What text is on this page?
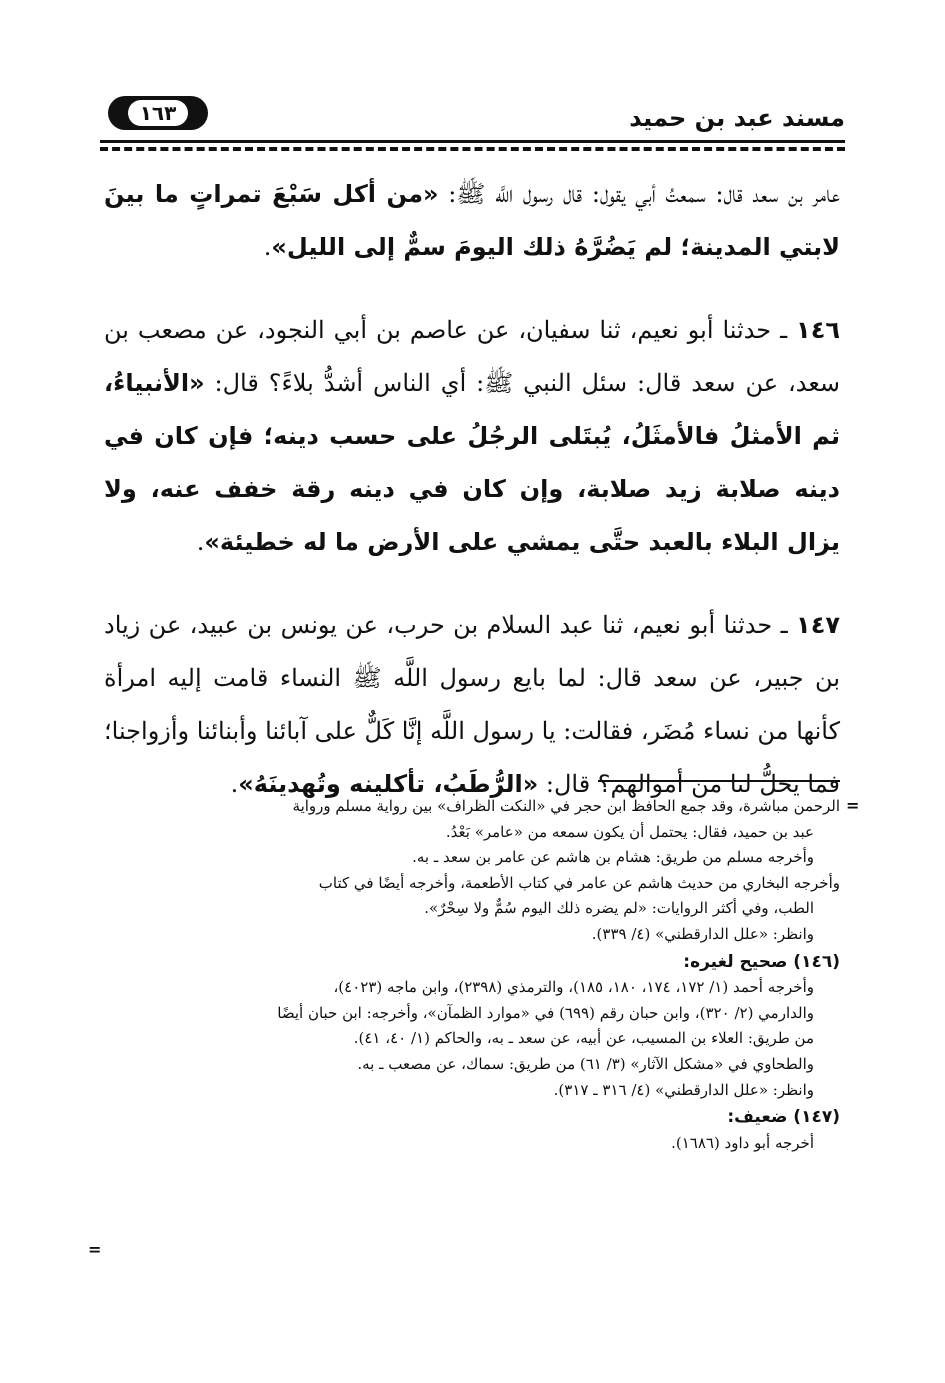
مسند عبد بن حميد
١٦٣

عامر بن سعد قال: سمعتُ أبي يقول: قال رسول اللَّه ﷺ: «من أكل سَبْعَ تمراتٍ ما بينَ لابتي المدينة؛ لم يَضُرَّهُ ذلك اليومَ سمٌّ إلى الليل».

١٤٦ ـ حدثنا أبو نعيم، ثنا سفيان، عن عاصم بن أبي النجود، عن مصعب بن سعد، عن سعد قال: سئل النبي ﷺ: أي الناس أشدُّ بلاءً؟ قال: «الأنبياءُ، ثم الأمثلُ فالأمثَلُ، يُبتَلى الرجُلُ على حسب دينه؛ فإن كان في دينه صلابة زيد صلابة، وإن كان في دينه رقة خفف عنه، ولا يزال البلاء بالعبد حتَّى يمشي على الأرض ما له خطيئة».

١٤٧ ـ حدثنا أبو نعيم، ثنا عبد السلام بن حرب، عن يونس بن عبيد، عن زياد بن جبير، عن سعد قال: لما بايع رسول اللَّه ﷺ النساء قامت إليه امرأة كأنها من نساء مُضَر، فقالت: يا رسول اللَّه إنَّا كَلٌّ على آبائنا وأبنائنا وأزواجنا؛ فما يحلُّ لنا من أموالهم؟ قال: «الرُّطَبُ، تأكلينه وتُهدينَهُ».

=
=
الرحمن مباشرة، وقد جمع الحافظ ابن حجر في «النكت الظراف» بين رواية مسلم ورواية
عبد بن حميد، فقال: يحتمل أن يكون سمعه من «عامر» بَعْدُ.
وأخرجه مسلم من طريق: هشام بن هاشم عن عامر بن سعد ـ به.
وأخرجه البخاري من حديث هاشم عن عامر في كتاب الأطعمة، وأخرجه أيضًا في كتاب
الطب، وفي أكثر الروايات: «لم يضره ذلك اليوم سُمٌّ ولا سِحْرٌ».
وانظر: «علل الدارقطني» (٤/ ٣٣٩).
(١٤٦) صحيح لغيره:
وأخرجه أحمد (١/ ١٧٢، ١٧٤، ١٨٠، ١٨٥)، والترمذي (٢٣٩٨)، وابن ماجه (٤٠٢٣)،
والدارمي (٢/ ٣٢٠)، وابن حبان رقم (٦٩٩) في «موارد الظمآن»، وأخرجه: ابن حبان أيضًا
من طريق: العلاء بن المسيب، عن أبيه، عن سعد ـ به، والحاكم (١/ ٤٠، ٤١).
والطحاوي في «مشكل الآثار» (٣/ ٦١) من طريق: سماك، عن مصعب ـ به.
وانظر: «علل الدارقطني» (٤/ ٣١٦ ـ ٣١٧).
(١٤٧) ضعيف:
أخرجه أبو داود (١٦٨٦).
